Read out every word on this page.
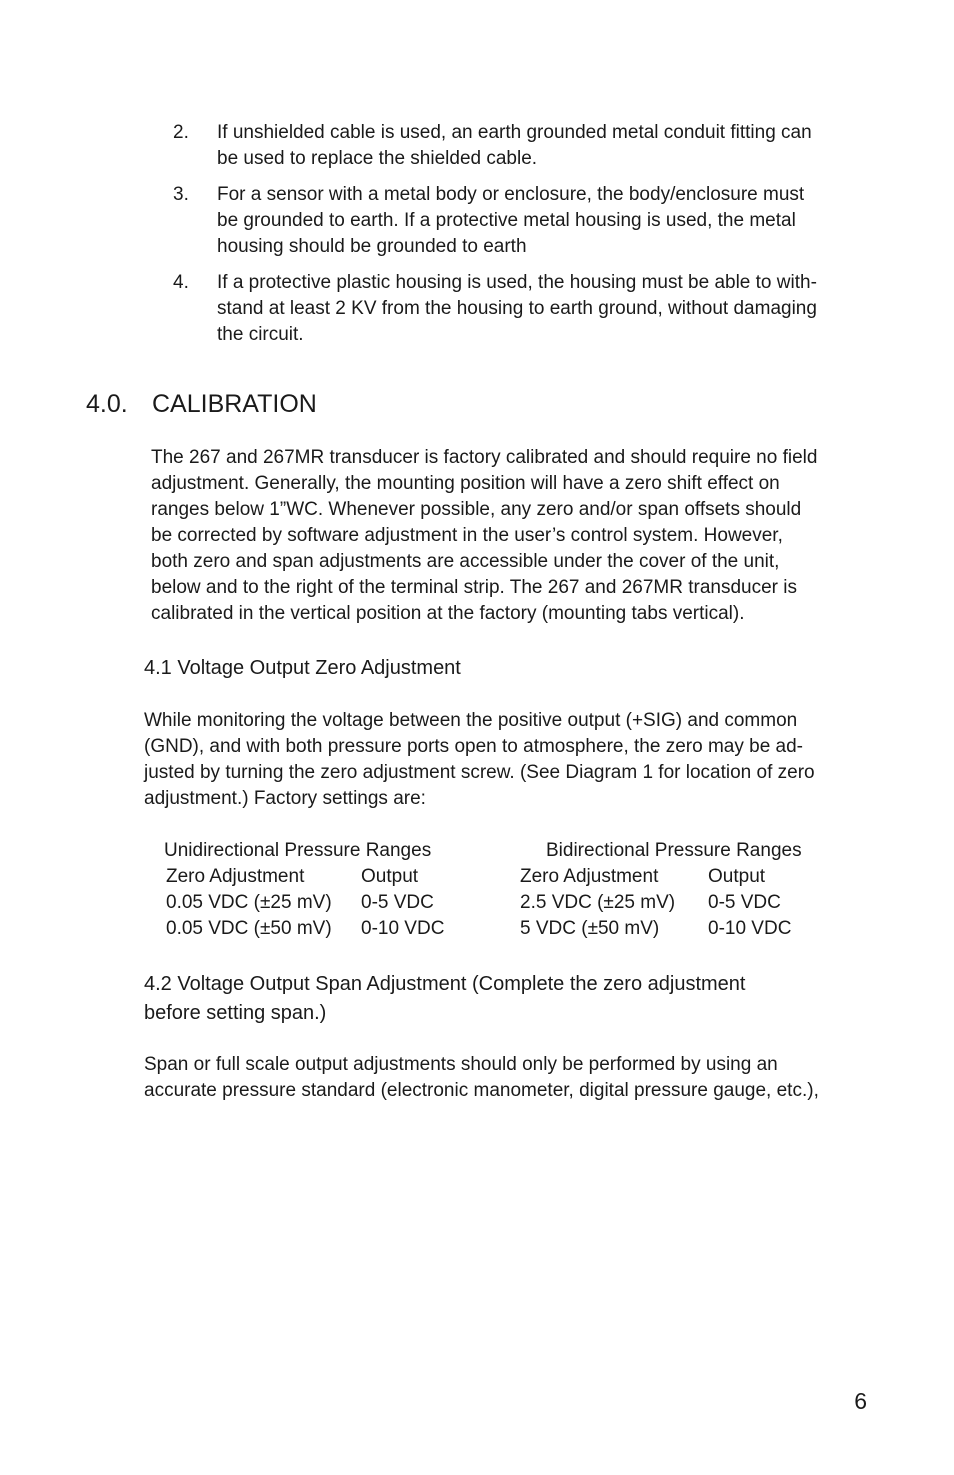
2.	If unshielded cable is used, an earth grounded metal conduit fitting can
be used to replace the shielded cable.
3.	For a sensor with a metal body or enclosure, the body/enclosure must
be grounded to earth. If a protective metal housing is used, the metal
housing should be grounded to earth
4.	If a protective plastic housing is used, the housing must be able to with-
stand at least 2 KV from the housing to earth ground, without damaging
the circuit.
4.0. CALIBRATION
The 267 and 267MR transducer is factory calibrated and should require no field
adjustment. Generally, the mounting position will have a zero shift effect on
ranges below 1”WC. Whenever possible, any zero and/or span offsets should
be corrected by software adjustment in the user’s control system. However,
both zero and span adjustments are accessible under the cover of the unit,
below and to the right of the terminal strip. The 267 and 267MR transducer is
calibrated in the vertical position at the factory (mounting tabs vertical).
4.1 Voltage Output Zero Adjustment
While monitoring the voltage between the positive output (+SIG) and common
(GND), and with both pressure ports open to atmosphere, the zero may be ad-
justed by turning the zero adjustment screw. (See Diagram 1 for location of zero
adjustment.) Factory settings are:
Unidirectional Pressure Ranges	Bidirectional Pressure Ranges
Zero Adjustment	Output	Zero Adjustment	Output
0.05 VDC (±25 mV) 0-5 VDC	2.5 VDC (±25 mV) 0-5 VDC
0.05 VDC (±50 mV) 0-10 VDC	5 VDC (±50 mV)	0-10 VDC
4.2 Voltage Output Span Adjustment (Complete the zero adjustment
before setting span.)
Span or full scale output adjustments should only be performed by using an
accurate pressure standard (electronic manometer, digital pressure gauge, etc.),
6
